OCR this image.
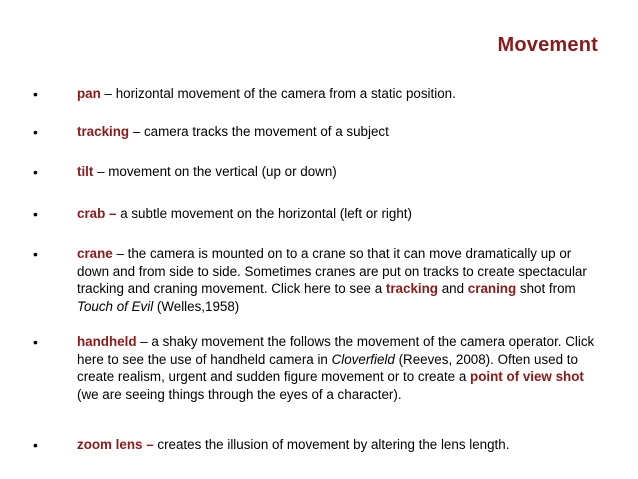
Movement
•	pan – horizontal movement of the camera from a static position.
•	tracking – camera tracks the movement of a subject
•	tilt – movement on the vertical (up or down)
•	crab – a subtle movement on the horizontal (left or right)
•	crane – the camera is mounted on to a crane so that it can move dramatically up or down and from side to side. Sometimes cranes are put on tracks to create spectacular tracking and craning movement. Click here to see a tracking and craning shot from Touch of Evil (Welles,1958)
•	handheld – a shaky movement the follows the movement of the camera operator. Click here to see the use of handheld camera in Cloverfield (Reeves, 2008). Often used to create realism, urgent and sudden figure movement or to create a point of view shot (we are seeing things through the eyes of a character).
•	zoom lens – creates the illusion of movement by altering the lens length.
